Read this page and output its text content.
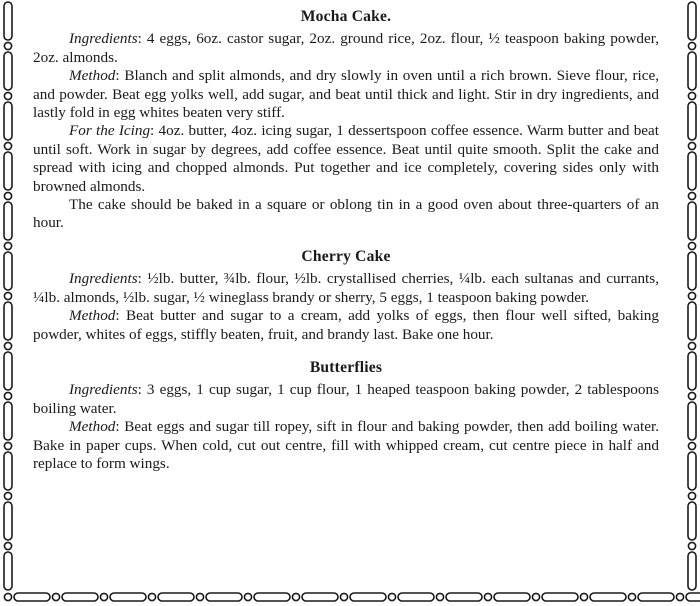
Mocha Cake.

Ingredients: 4 eggs, 6oz. castor sugar, 2oz. ground rice, 2oz. flour, ½ teaspoon baking powder, 2oz. almonds.

Method: Blanch and split almonds, and dry slowly in oven until a rich brown. Sieve flour, rice, and powder. Beat egg yolks well, add sugar, and beat until thick and light. Stir in dry ingredients, and lastly fold in egg whites beaten very stiff.

For the Icing: 4oz. butter, 4oz. icing sugar, 1 dessertspoon coffee essence. Warm butter and beat until soft. Work in sugar by degrees, add coffee essence. Beat until quite smooth. Split the cake and spread with icing and chopped almonds. Put together and ice completely, covering sides only with browned almonds.

The cake should be baked in a square or oblong tin in a good oven about three-quarters of an hour.

Cherry Cake

Ingredients: ½lb. butter, ¾lb. flour, ½lb. crystallised cherries, ¼lb. each sultanas and currants, ¼lb. almonds, ½lb. sugar, ½ wineglass brandy or sherry, 5 eggs, 1 teaspoon baking powder.

Method: Beat butter and sugar to a cream, add yolks of eggs, then flour well sifted, baking powder, whites of eggs, stiffly beaten, fruit, and brandy last. Bake one hour.

Butterflies

Ingredients: 3 eggs, 1 cup sugar, 1 cup flour, 1 heaped teaspoon baking powder, 2 tablespoons boiling water.

Method: Beat eggs and sugar till ropey, sift in flour and baking powder, then add boiling water. Bake in paper cups. When cold, cut out centre, fill with whipped cream, cut centre piece in half and replace to form wings.
